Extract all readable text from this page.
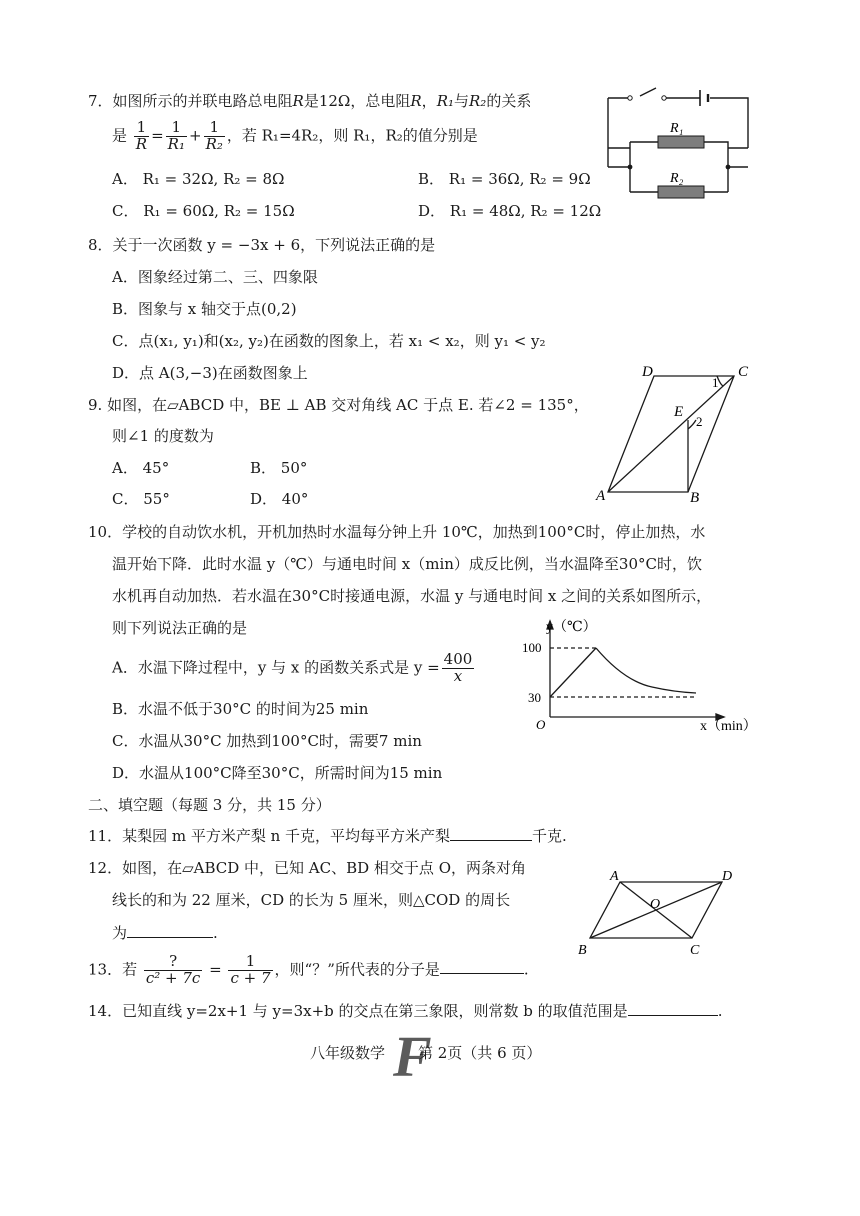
7．如图所示的并联电路总电阻R是12Ω，总电阻R，R₁与R₂的关系
是 $\frac{1}{R} = \frac{1}{\text{R₁}} + \frac{1}{\text{R₂}}$ ，若 R₁=4R₂，则 R₁，R₂的值分别是
A． R₁ = 32Ω, R₂ = 8Ω	B． R₁ = 36Ω, R₂ = 9Ω
C． R₁ = 60Ω, R₂ = 15Ω	D． R₁ = 48Ω, R₂ = 12Ω
R₁
R₂
8．关于一次函数 y = −3x + 6，下列说法正确的是
A．图象经过第二、三、四象限
B．图象与 x 轴交于点(0,2)
C．点(x₁, y₁)和(x₂, y₂)在函数的图象上，若 x₁ < x₂，则 y₁ < y₂
D．点 A(3,−3)在函数图象上
9. 如图，在▱ABCD 中，BE ⊥ AB 交对角线 AC 于点 E. 若∠2 = 135°，
则∠1 的度数为
A． 45°	B． 50°
C． 55°	D． 40°
D	C
E
A	B
1
2
10．学校的自动饮水机，开机加热时水温每分钟上升 10℃，加热到100°C时，停止加热，水
温开始下降．此时水温 y（℃）与通电时间 x（min）成反比例，当水温降至30°C时，饮
水机再自动加热．若水温在30°C时接通电源，水温 y 与通电时间 x 之间的关系如图所示，
则下列说法正确的是
A．水温下降过程中，y 与 x 的函数关系式是 $y = \frac{400}{x}$
B．水温不低于30°C 的时间为25 min
C．水温从30°C 加热到100°C时，需要7 min
D．水温从100°C降至30°C，所需时间为15 min
y（℃）
x（min）
100
30
O
二、填空题（每题 3 分，共 15 分）
11．某梨园 m 平方米产梨 n 千克，平均每平方米产梨	千克.
12．如图，在▱ABCD 中，已知 AC、BD 相交于点 O，两条对角
线长的和为 22 厘米，CD 的长为 5 厘米，则△COD 的周长
为	.
A	D
O
B	C
13．若 $\frac{?}{\text{c² + 7c}} = \frac{1}{c + 7}$ ，则“？”所代表的分子是	.
14．已知直线 y=2x+1 与 y=3x+b 的交点在第三象限，则常数 b 的取值范围是	.
八年级数学 F
第 2页（共 6 页）
